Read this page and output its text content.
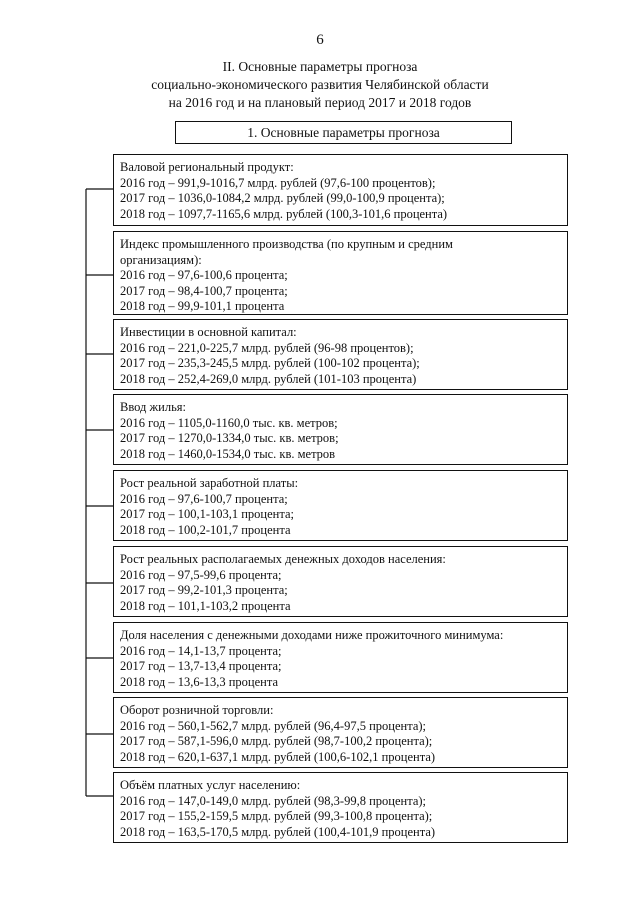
6
II. Основные параметры прогноза
социально-экономического развития Челябинской области
на 2016 год и на плановый период 2017 и 2018 годов
1. Основные параметры прогноза
Валовой региональный продукт:
2016 год – 991,9-1016,7 млрд. рублей (97,6-100 процентов);
2017 год – 1036,0-1084,2 млрд. рублей (99,0-100,9 процента);
2018 год – 1097,7-1165,6 млрд. рублей (100,3-101,6 процента)
Индекс промышленного производства (по крупным и средним
организациям):
2016 год – 97,6-100,6 процента;
2017 год – 98,4-100,7 процента;
2018 год – 99,9-101,1 процента
Инвестиции в основной капитал:
2016 год – 221,0-225,7 млрд. рублей (96-98 процентов);
2017 год – 235,3-245,5 млрд. рублей (100-102 процента);
2018 год – 252,4-269,0 млрд. рублей (101-103 процента)
Ввод жилья:
2016 год – 1105,0-1160,0 тыс. кв. метров;
2017 год – 1270,0-1334,0 тыс. кв. метров;
2018 год – 1460,0-1534,0 тыс. кв. метров
Рост реальной заработной платы:
2016 год – 97,6-100,7 процента;
2017 год – 100,1-103,1 процента;
2018 год – 100,2-101,7 процента
Рост реальных располагаемых денежных доходов населения:
2016 год – 97,5-99,6 процента;
2017 год – 99,2-101,3 процента;
2018 год – 101,1-103,2 процента
Доля населения с денежными доходами ниже прожиточного минимума:
2016 год – 14,1-13,7 процента;
2017 год – 13,7-13,4 процента;
2018 год – 13,6-13,3 процента
Оборот розничной торговли:
2016 год – 560,1-562,7 млрд. рублей (96,4-97,5 процента);
2017 год – 587,1-596,0 млрд. рублей (98,7-100,2 процента);
2018 год – 620,1-637,1 млрд. рублей (100,6-102,1 процента)
Объём платных услуг населению:
2016 год – 147,0-149,0 млрд. рублей (98,3-99,8 процента);
2017 год – 155,2-159,5 млрд. рублей (99,3-100,8 процента);
2018 год – 163,5-170,5 млрд. рублей (100,4-101,9 процента)
